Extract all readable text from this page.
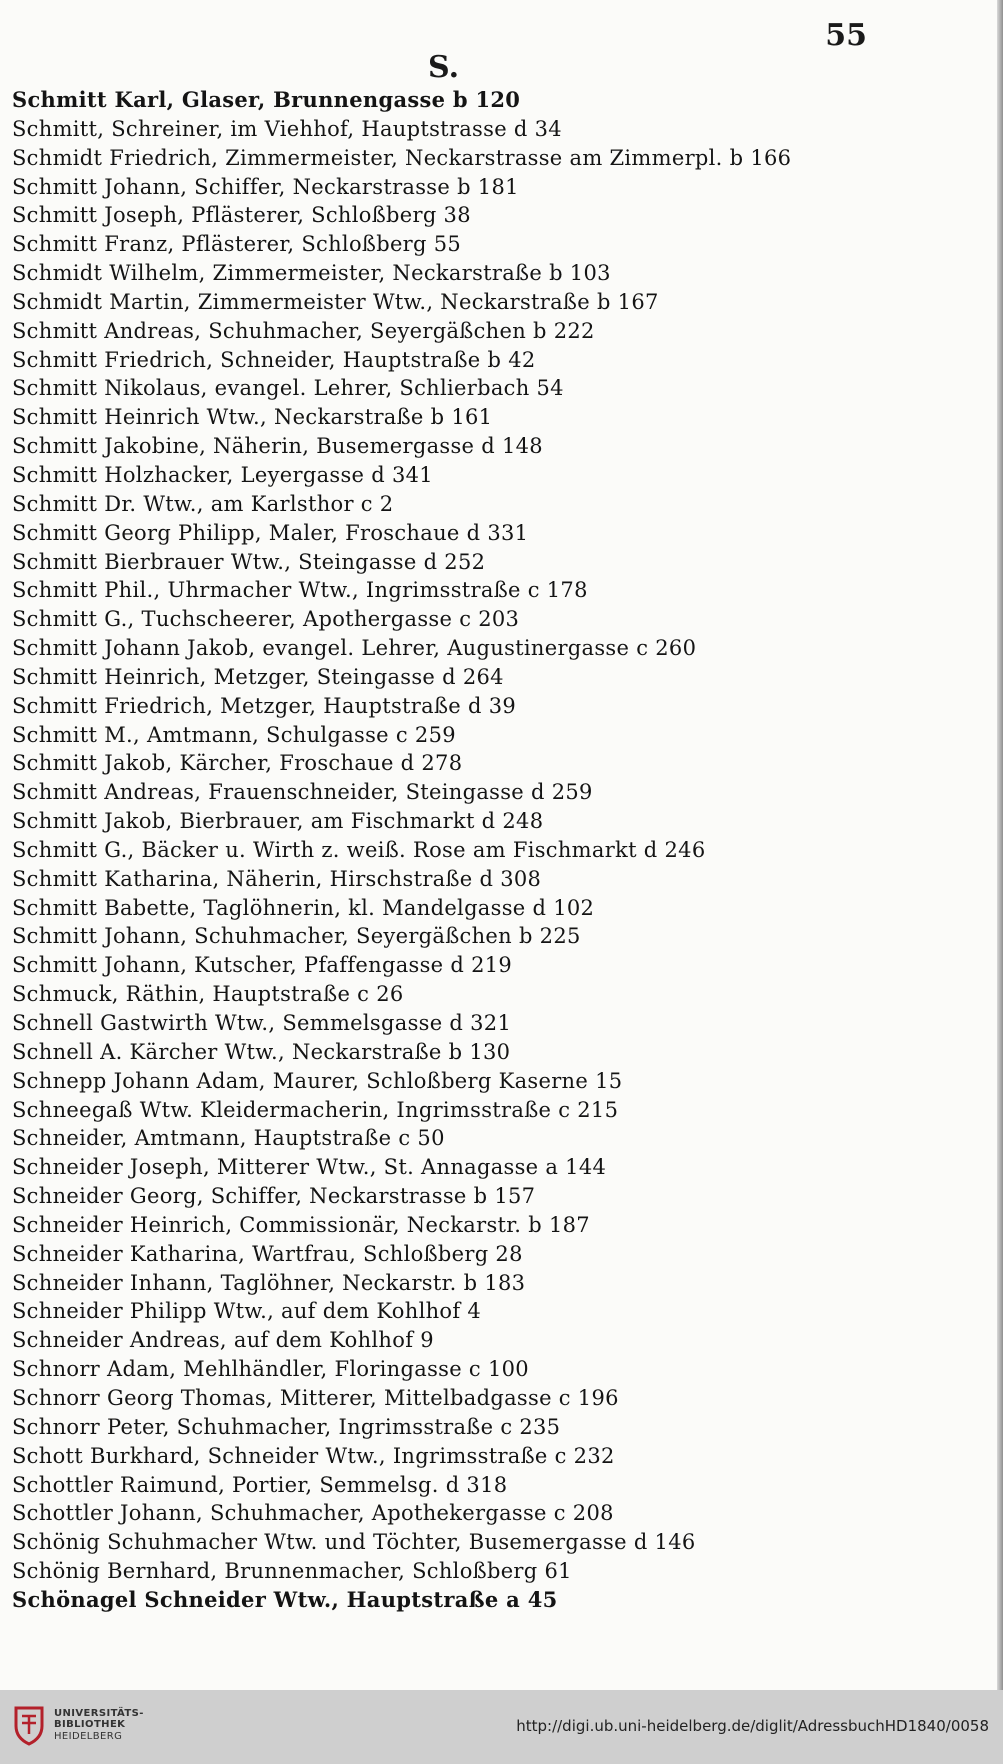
55
S.
Schmitt Karl, Glaser, Brunnengasse b 120
Schmitt, Schreiner, im Viehhof, Hauptstrasse d 34
Schmidt Friedrich, Zimmermeister, Neckarstrasse am Zimmerpl. b 166
Schmitt Johann, Schiffer, Neckarstrasse b 181
Schmitt Joseph, Pflästerer, Schloßberg 38
Schmitt Franz, Pflästerer, Schloßberg 55
Schmidt Wilhelm, Zimmermeister, Neckarstraße b 103
Schmidt Martin, Zimmermeister Wtw., Neckarstraße b 167
Schmitt Andreas, Schuhmacher, Seyergäßchen b 222
Schmitt Friedrich, Schneider, Hauptstraße b 42
Schmitt Nikolaus, evangel. Lehrer, Schlierbach 54
Schmitt Heinrich Wtw., Neckarstraße b 161
Schmitt Jakobine, Näherin, Busemergasse d 148
Schmitt Holzhacker, Leyergasse d 341
Schmitt Dr. Wtw., am Karlsthor c 2
Schmitt Georg Philipp, Maler, Froschaue d 331
Schmitt Bierbrauer Wtw., Steingasse d 252
Schmitt Phil., Uhrmacher Wtw., Ingrimsstraße c 178
Schmitt G., Tuchscheerer, Apothergasse c 203
Schmitt Johann Jakob, evangel. Lehrer, Augustinergasse c 260
Schmitt Heinrich, Metzger, Steingasse d 264
Schmitt Friedrich, Metzger, Hauptstraße d 39
Schmitt M., Amtmann, Schulgasse c 259
Schmitt Jakob, Kärcher, Froschaue d 278
Schmitt Andreas, Frauenschneider, Steingasse d 259
Schmitt Jakob, Bierbrauer, am Fischmarkt d 248
Schmitt G., Bäcker u. Wirth z. weiß. Rose am Fischmarkt d 246
Schmitt Katharina, Näherin, Hirschstraße d 308
Schmitt Babette, Taglöhnerin, kl. Mandelgasse d 102
Schmitt Johann, Schuhmacher, Seyergäßchen b 225
Schmitt Johann, Kutscher, Pfaffengasse d 219
Schmuck, Räthin, Hauptstraße c 26
Schnell Gastwirth Wtw., Semmelsgasse d 321
Schnell A. Kärcher Wtw., Neckarstraße b 130
Schnepp Johann Adam, Maurer, Schloßberg Kaserne 15
Schneegaß Wtw. Kleidermacherin, Ingrimsstraße c 215
Schneider, Amtmann, Hauptstraße c 50
Schneider Joseph, Mitterer Wtw., St. Annagasse a 144
Schneider Georg, Schiffer, Neckarstrasse b 157
Schneider Heinrich, Commissionär, Neckarstr. b 187
Schneider Katharina, Wartfrau, Schloßberg 28
Schneider Inhann, Taglöhner, Neckarstr. b 183
Schneider Philipp Wtw., auf dem Kohlhof 4
Schneider Andreas, auf dem Kohlhof 9
Schnorr Adam, Mehlhändler, Floringasse c 100
Schnorr Georg Thomas, Mitterer, Mittelbadgasse c 196
Schnorr Peter, Schuhmacher, Ingrimsstraße c 235
Schott Burkhard, Schneider Wtw., Ingrimsstraße c 232
Schottler Raimund, Portier, Semmelsg. d 318
Schottler Johann, Schuhmacher, Apothekergasse c 208
Schönig Schuhmacher Wtw. und Töchter, Busemergasse d 146
Schönig Bernhard, Brunnenmacher, Schloßberg 61
Schönagel Schneider Wtw., Hauptstraße a 45
UNIVERSITÄTS-
BIBLIOTHEK
HEIDELBERG
http://digi.ub.uni-heidelberg.de/diglit/AdressbuchHD1840/0058
